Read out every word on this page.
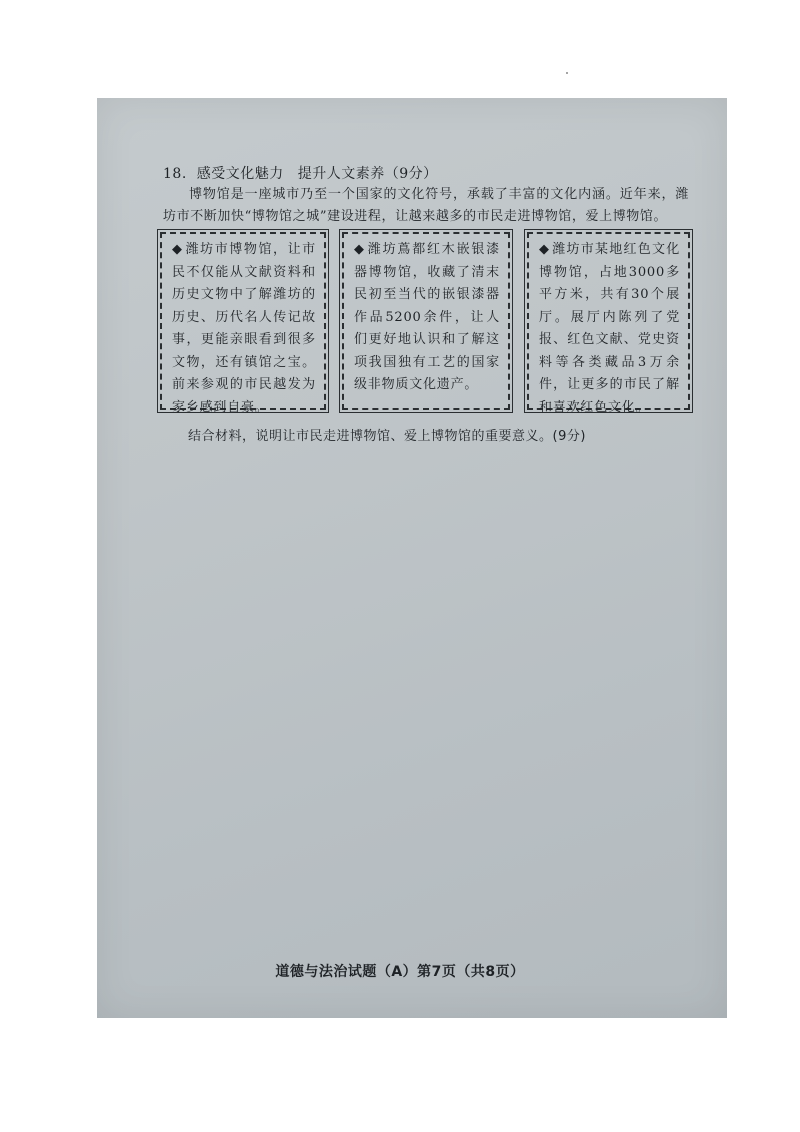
18. 感受文化魅力 提升人文素养（9分）
博物馆是一座城市乃至一个国家的文化符号，承载了丰富的文化内涵。近年来，潍坊市不断加快“博物馆之城”建设进程，让越来越多的市民走进博物馆，爱上博物馆。
◆ 潍坊市博物馆，让市民不仅能从文献资料和历史文物中了解潍坊的历史、历代名人传记故事，更能亲眼看到很多文物，还有镇馆之宝。前来参观的市民越发为家乡感到自豪。
◆ 潍坊蔦都红木嵌银漆器博物馆，收藏了清末民初至当代的嵌银漆器作品5200余件，让人们更好地认识和了解这项我国独有工艺的国家级非物质文化遗产。
◆ 潍坊市某地红色文化博物馆，占地3000多平方米，共有30个展厅。展厅内陈列了党报、红色文献、党史资料等各类藏品3万余件，让更多的市民了解和喜欢红色文化。
结合材料，说明让市民走进博物馆、爱上博物馆的重要意义。(9分)
道德与法治试题（A）第7页（共8页）
